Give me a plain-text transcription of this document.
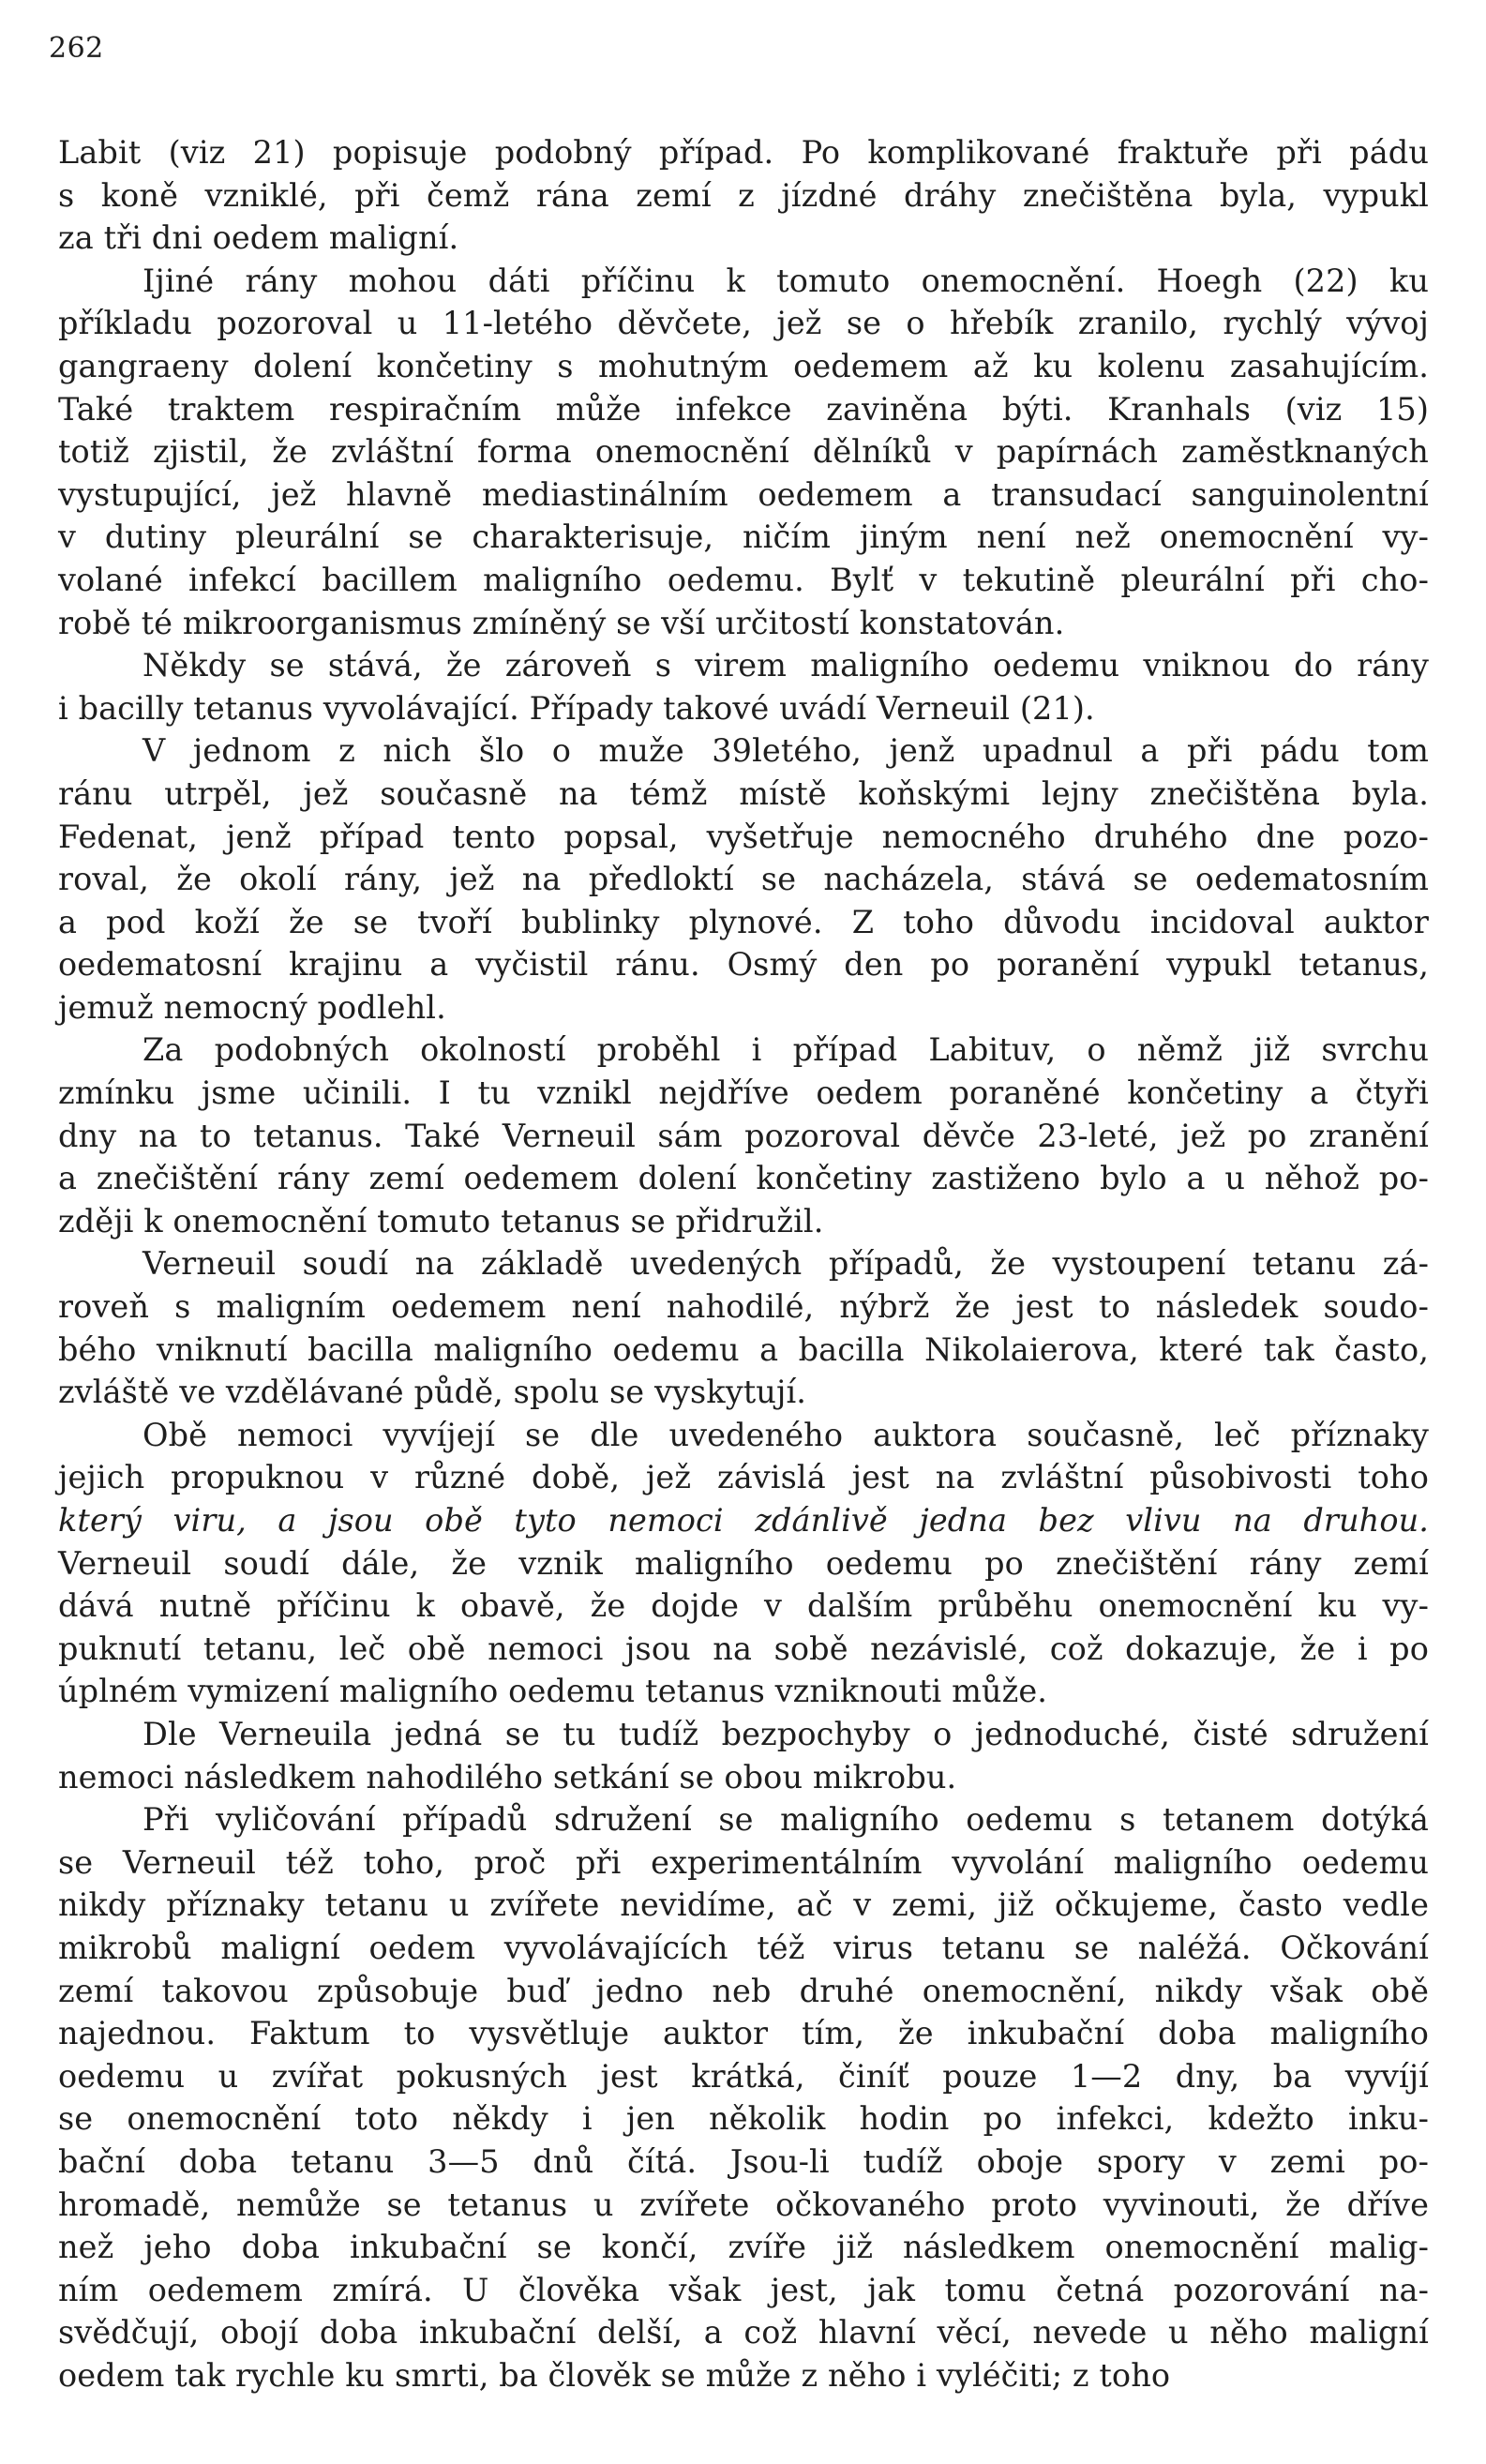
262
Labit (viz 21) popisuje podobný případ. Po komplikované fraktuře při pádu
s koně vzniklé, při čemž rána zemí z jízdné dráhy znečištěna byla, vypukl
za tři dni oedem maligní.
Ijiné rány mohou dáti příčinu k tomuto onemocnění. Hoegh (22) ku
příkladu pozoroval u 11-letého děvčete, jež se o hřebík zranilo, rychlý vývoj
gangraeny dolení končetiny s mohutným oedemem až ku kolenu zasahujícím.
Také traktem respiračním může infekce zaviněna býti. Kranhals (viz 15)
totiž zjistil, že zvláštní forma onemocnění dělníků v papírnách zaměstknaných
vystupující, jež hlavně mediastinálním oedemem a transudací sanguinolentní
v dutiny pleurální se charakterisuje, ničím jiným není než onemocnění vy-
volané infekcí bacillem maligního oedemu. Bylť v tekutině pleurální při cho-
robě té mikroorganismus zmíněný se vší určitostí konstatován.
Někdy se stává, že zároveň s virem maligního oedemu vniknou do rány
i bacilly tetanus vyvolávající. Případy takové uvádí Verneuil (21).
V jednom z nich šlo o muže 39letého, jenž upadnul a při pádu tom
ránu utrpěl, jež současně na témž místě koňskými lejny znečištěna byla.
Fedenat, jenž případ tento popsal, vyšetřuje nemocného druhého dne pozo-
roval, že okolí rány, jež na předloktí se nacházela, stává se oedematosním
a pod koží že se tvoří bublinky plynové. Z toho důvodu incidoval auktor
oedematosní krajinu a vyčistil ránu. Osmý den po poranění vypukl tetanus,
jemuž nemocný podlehl.
Za podobných okolností proběhl i případ Labituv, o němž již svrchu
zmínku jsme učinili. I tu vznikl nejdříve oedem poraněné končetiny a čtyři
dny na to tetanus. Také Verneuil sám pozoroval děvče 23-leté, jež po zranění
a znečištění rány zemí oedemem dolení končetiny zastiženo bylo a u něhož po-
zději k onemocnění tomuto tetanus se přidružil.
Verneuil soudí na základě uvedených případů, že vystoupení tetanu zá-
roveň s maligním oedemem není nahodilé, nýbrž že jest to následek soudo-
bého vniknutí bacilla maligního oedemu a bacilla Nikolaierova, které tak často,
zvláště ve vzdělávané půdě, spolu se vyskytují.
Obě nemoci vyvíjejí se dle uvedeného auktora současně, leč příznaky
jejich propuknou v různé době, jež závislá jest na zvláštní působivosti toho
který viru, a jsou obě tyto nemoci zdánlivě jedna bez vlivu na druhou.
Verneuil soudí dále, že vznik maligního oedemu po znečištění rány zemí
dává nutně příčinu k obavě, že dojde v dalším průběhu onemocnění ku vy-
puknutí tetanu, leč obě nemoci jsou na sobě nezávislé, což dokazuje, že i po
úplném vymizení maligního oedemu tetanus vzniknouti může.
Dle Verneuila jedná se tu tudíž bezpochyby o jednoduché, čisté sdružení
nemoci následkem nahodilého setkání se obou mikrobu.
Při vyličování případů sdružení se maligního oedemu s tetanem dotýká
se Verneuil též toho, proč při experimentálním vyvolání maligního oedemu
nikdy příznaky tetanu u zvířete nevidíme, ač v zemi, již očkujeme, často vedle
mikrobů maligní oedem vyvolávajících též virus tetanu se naléžá. Očkování
zemí takovou způsobuje buď jedno neb druhé onemocnění, nikdy však obě
najednou. Faktum to vysvětluje auktor tím, že inkubační doba maligního
oedemu u zvířat pokusných jest krátká, činíť pouze 1—2 dny, ba vyvíjí
se onemocnění toto někdy i jen několik hodin po infekci, kdežto inku-
bační doba tetanu 3—5 dnů čítá. Jsou-li tudíž oboje spory v zemi po-
hromadě, nemůže se tetanus u zvířete očkovaného proto vyvinouti, že dříve
než jeho doba inkubační se končí, zvíře již následkem onemocnění malig-
ním oedemem zmírá. U člověka však jest, jak tomu četná pozorování na-
svědčují, obojí doba inkubační delší, a což hlavní věcí, nevede u něho maligní
oedem tak rychle ku smrti, ba člověk se může z něho i vyléčiti; z toho
